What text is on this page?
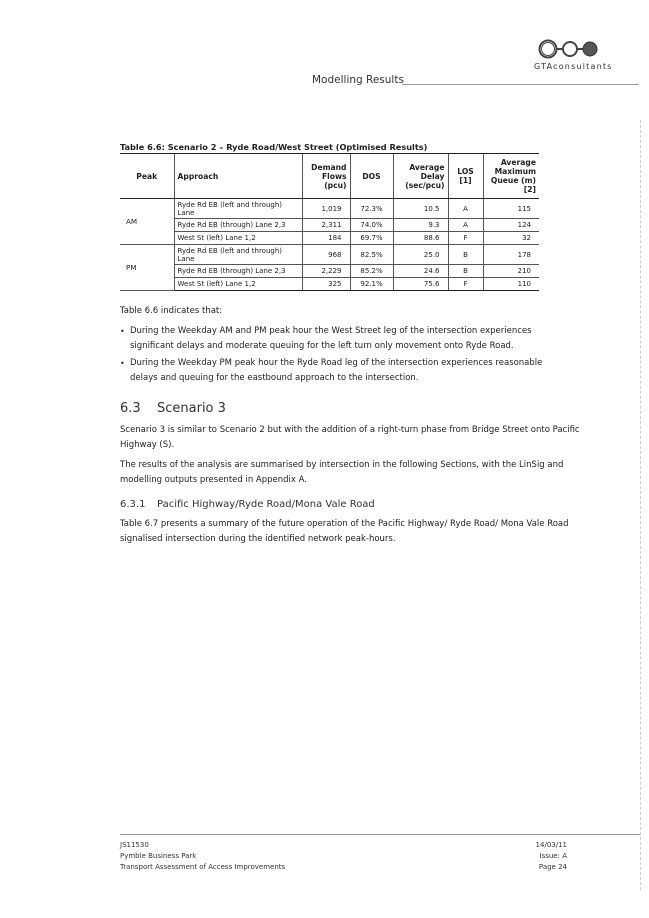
GTAconsultants
Modelling Results
Table 6.6: Scenario 2 – Ryde Road/West Street (Optimised Results)
Peak	Approach	Demand Flows (pcu)	DOS	Average Delay (sec/pcu)	LOS [1]	Average Maximum Queue (m) [2]
AM	Ryde Rd EB (left and through) Lane	1,019	72.3%	10.5	A	115
	Ryde Rd EB (through) Lane 2,3	2,311	74.0%	9.3	A	124
	West St (left) Lane 1,2	184	69.7%	88.6	F	32
PM	Ryde Rd EB (left and through) Lane	968	82.5%	25.0	B	178
	Ryde Rd EB (through) Lane 2,3	2,229	85.2%	24.6	B	210
	West St (left) Lane 1,2	325	92.1%	75.6	F	110
Table 6.6 indicates that:
• During the Weekday AM and PM peak hour the West Street leg of the intersection experiences
significant delays and moderate queuing for the left turn only movement onto Ryde Road.
• During the Weekday PM peak hour the Ryde Road leg of the intersection experiences reasonable
delays and queuing for the eastbound approach to the intersection.
6.3 Scenario 3
Scenario 3 is similar to Scenario 2 but with the addition of a right-turn phase from Bridge Street onto Pacific
Highway (S).
The results of the analysis are summarised by intersection in the following Sections, with the LinSig and
modelling outputs presented in Appendix A.
6.3.1 Pacific Highway/Ryde Road/Mona Vale Road
Table 6.7 presents a summary of the future operation of the Pacific Highway/ Ryde Road/ Mona Vale Road
signalised intersection during the identified network peak-hours.
JS11530
Pymble Business Park
Transport Assessment of Access Improvements
14/03/11
Issue: A
Page 24
